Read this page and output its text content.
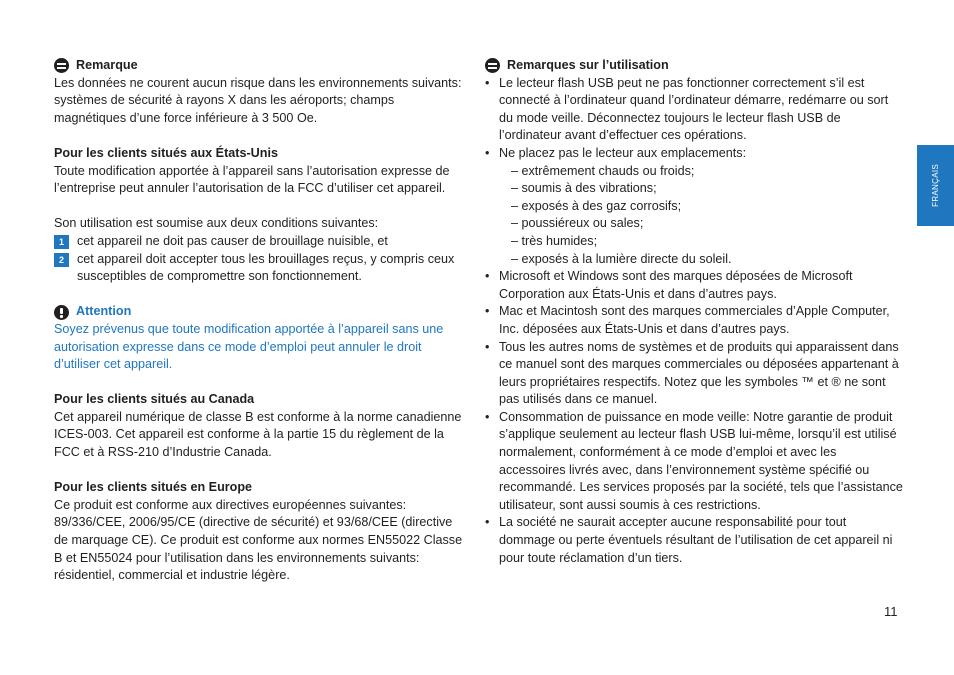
Remarque

Les données ne courent aucun risque dans les environnements suivants: systèmes de sécurité à rayons X dans les aéroports; champs magnétiques d’une force inférieure à 3 500 Oe.

Pour les clients situés aux États-Unis

Toute modification apportée à l’appareil sans l’autorisation expresse de l’entreprise peut annuler l’autorisation de la FCC d’utiliser cet appareil.

Son utilisation est soumise aux deux conditions suivantes:

1	cet appareil ne doit pas causer de brouillage nuisible, et
2	cet appareil doit accepter tous les brouillages reçus, y compris ceux susceptibles de compromettre son fonctionnement.
Attention

Soyez prévenus que toute modification apportée à l’appareil sans une autorisation expresse dans ce mode d’emploi peut annuler le droit d’utiliser cet appareil.

Pour les clients situés au Canada

Cet appareil numérique de classe B est conforme à la norme canadienne ICES-003. Cet appareil est conforme à la partie 15 du règlement de la FCC et à RSS-210 d’Industrie Canada.

Pour les clients situés en Europe

Ce produit est conforme aux directives européennes suivantes: 89/336/CEE, 2006/95/CE (directive de sécurité) et 93/68/CEE (directive de marquage CE). Ce produit est conforme aux normes EN55022 Classe B et EN55024 pour l’utilisation dans les environnements suivants: résidentiel, commercial et industrie légère.

Remarques sur l’utilisation
• Le lecteur flash USB peut ne pas fonctionner correctement s’il est connecté à l’ordinateur quand l’ordinateur démarre, redémarre ou sort du mode veille. Déconnectez toujours le lecteur flash USB de l’ordinateur avant d’effectuer ces opérations.
• Ne placez pas le lecteur aux emplacements:
– extrêmement chauds ou froids;
– soumis à des vibrations;
– exposés à des gaz corrosifs;
– poussiéreux ou sales;
– très humides;
– exposés à la lumière directe du soleil.
• Microsoft et Windows sont des marques déposées de Microsoft Corporation aux États-Unis et dans d’autres pays.
• Mac et Macintosh sont des marques commerciales d’Apple Computer, Inc. déposées aux États-Unis et dans d’autres pays.
• Tous les autres noms de systèmes et de produits qui apparaissent dans ce manuel sont des marques commerciales ou déposées appartenant à leurs propriétaires respectifs. Notez que les symboles ™ et ® ne sont pas utilisés dans ce manuel.
• Consommation de puissance en mode veille: Notre garantie de produit s’applique seulement au lecteur flash USB lui-même, lorsqu’il est utilisé normalement, conformément à ce mode d’emploi et avec les accessoires livrés avec, dans l’environnement système spécifié ou recommandé. Les services proposés par la société, tels que l’assistance utilisateur, sont aussi soumis à ces restrictions.
• La société ne saurait accepter aucune responsabilité pour tout dommage ou perte éventuels résultant de l’utilisation de cet appareil ni pour toute réclamation d’un tiers.
FRANÇAIS
11
